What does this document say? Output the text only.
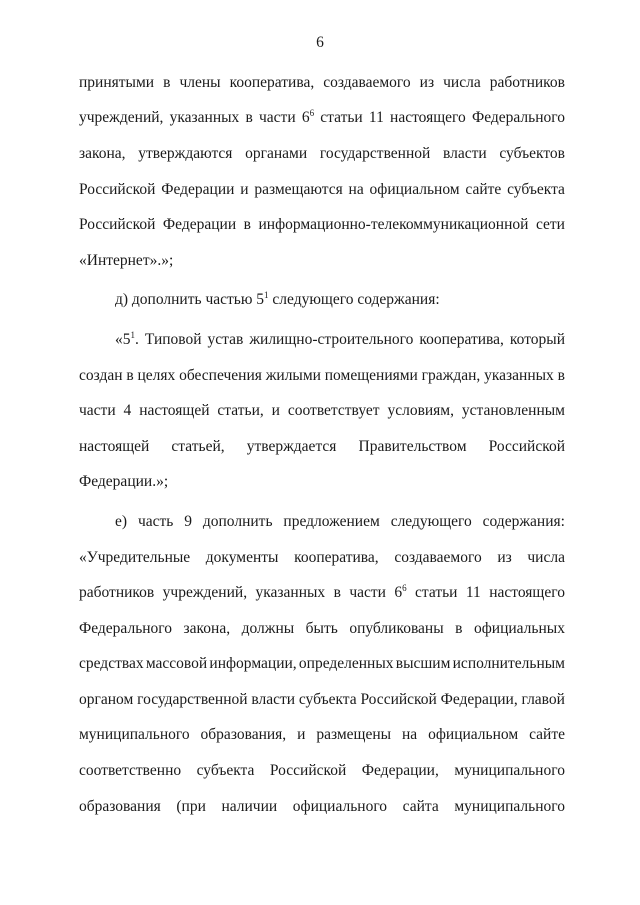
6
принятыми в члены кооператива, создаваемого из числа работников
учреждений, указанных в части $6^6$ статьи 11 настоящего Федерального
закона, утверждаются органами государственной власти субъектов
Российской Федерации и размещаются на официальном сайте субъекта
Российской Федерации в информационно-телекоммуникационной сети
«Интернет».»;
д) дополнить частью $5^1$ следующего содержания:
«$5^1$. Типовой устав жилищно-строительного кооператива, который
создан в целях обеспечения жилыми помещениями граждан, указанных в
части 4 настоящей статьи, и соответствует условиям, установленным
настоящей статьей, утверждается Правительством Российской
Федерации.»;
е) часть 9 дополнить предложением следующего содержания:
«Учредительные документы кооператива, создаваемого из числа
работников учреждений, указанных в части $6^6$ статьи 11 настоящего
Федерального закона, должны быть опубликованы в официальных
средствах массовой информации, определенных высшим исполнительным
органом государственной власти субъекта Российской Федерации, главой
муниципального образования, и размещены на официальном сайте
соответственно субъекта Российской Федерации, муниципального
образования (при наличии официального сайта муниципального
